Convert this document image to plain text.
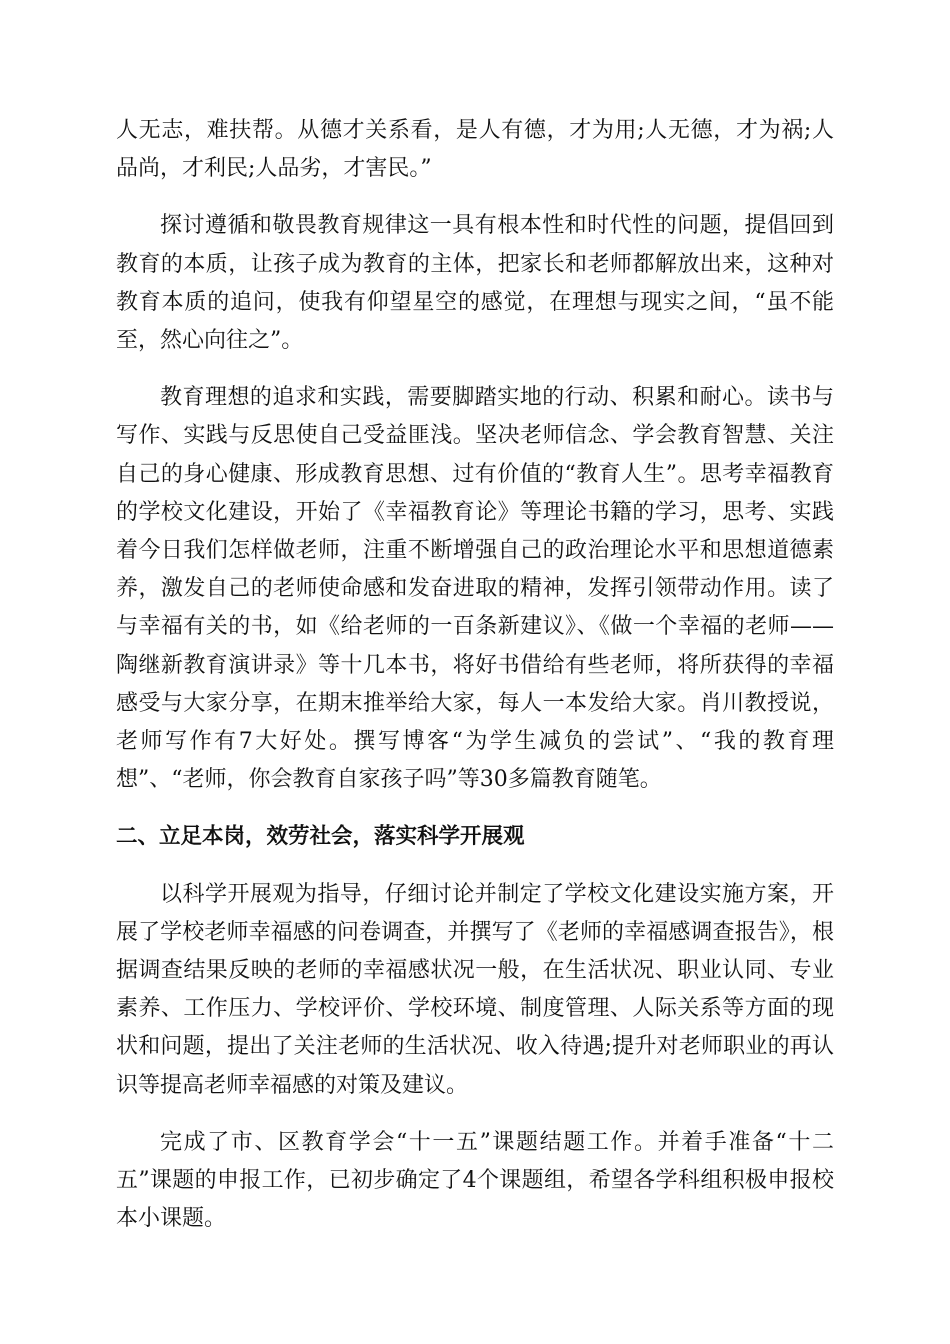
人无志，难扶帮。从德才关系看，是人有德，才为用;人无德，才为祸;人品尚，才利民;人品劣，才害民。”

探讨遵循和敬畏教育规律这一具有根本性和时代性的问题，提倡回到教育的本质，让孩子成为教育的主体，把家长和老师都解放出来，这种对教育本质的追问，使我有仰望星空的感觉，在理想与现实之间，“虽不能至，然心向往之”。

教育理想的追求和实践，需要脚踏实地的行动、积累和耐心。读书与写作、实践与反思使自己受益匪浅。坚决老师信念、学会教育智慧、关注自己的身心健康、形成教育思想、过有价值的“教育人生”。思考幸福教育的学校文化建设，开始了《幸福教育论》等理论书籍的学习，思考、实践着今日我们怎样做老师，注重不断增强自己的政治理论水平和思想道德素养，激发自己的老师使命感和发奋进取的精神，发挥引领带动作用。读了与幸福有关的书，如《给老师的一百条新建议》、《做一个幸福的老师——陶继新教育演讲录》等十几本书，将好书借给有些老师，将所获得的幸福感受与大家分享，在期末推举给大家，每人一本发给大家。肖川教授说，老师写作有7大好处。撰写博客“为学生减负的尝试”、“我的教育理想”、“老师，你会教育自家孩子吗”等30多篇教育随笔。

二、立足本岗，效劳社会，落实科学开展观

以科学开展观为指导，仔细讨论并制定了学校文化建设实施方案，开展了学校老师幸福感的问卷调查，并撰写了《老师的幸福感调查报告》，根据调查结果反映的老师的幸福感状况一般，在生活状况、职业认同、专业素养、工作压力、学校评价、学校环境、制度管理、人际关系等方面的现状和问题，提出了关注老师的生活状况、收入待遇;提升对老师职业的再认识等提高老师幸福感的对策及建议。

完成了市、区教育学会“十一五”课题结题工作。并着手准备“十二五”课题的申报工作，已初步确定了4个课题组，希望各学科组积极申报校本小课题。
